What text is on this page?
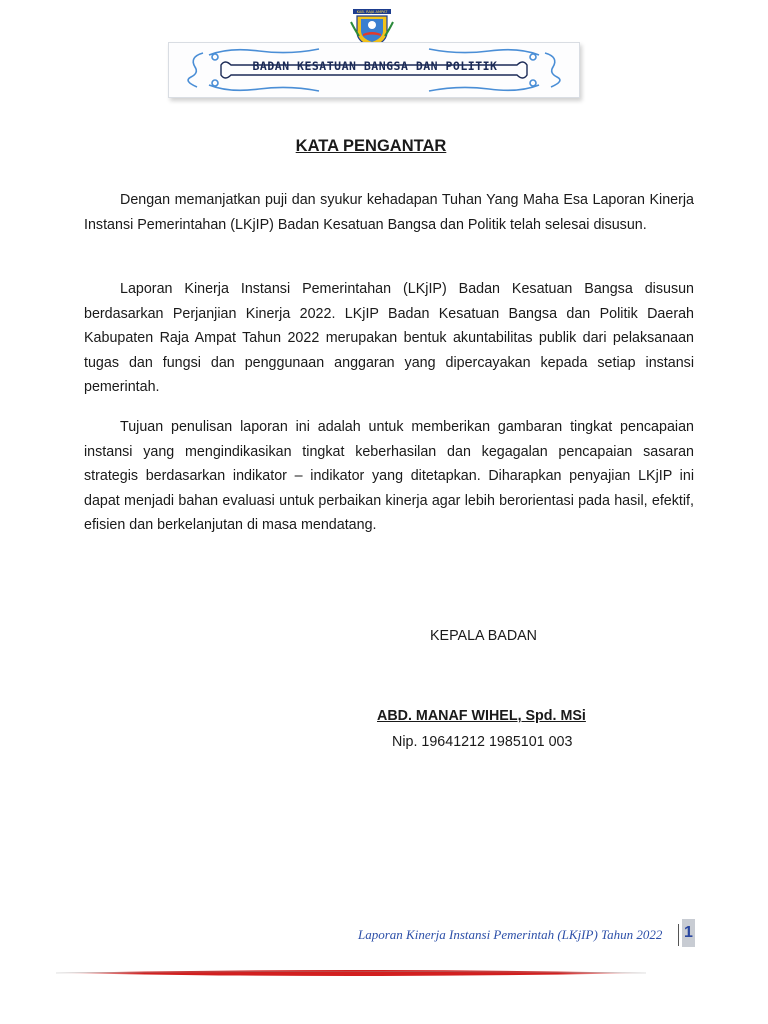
KAB. RAJA AMPAT
BADAN KESATUAN BANGSA DAN POLITIK
KATA PENGANTAR

Dengan memanjatkan puji dan syukur kehadapan Tuhan Yang Maha Esa Laporan Kinerja Instansi Pemerintahan (LKjIP) Badan Kesatuan Bangsa dan Politik telah selesai disusun.

Laporan Kinerja Instansi Pemerintahan (LKjIP) Badan Kesatuan Bangsa disusun berdasarkan Perjanjian Kinerja 2022. LKjIP Badan Kesatuan Bangsa dan Politik Daerah Kabupaten Raja Ampat Tahun 2022 merupakan bentuk akuntabilitas publik dari pelaksanaan tugas dan fungsi dan penggunaan anggaran yang dipercayakan kepada setiap instansi pemerintah.

Tujuan penulisan laporan ini adalah untuk memberikan gambaran tingkat pencapaian instansi yang mengindikasikan tingkat keberhasilan dan kegagalan pencapaian sasaran strategis berdasarkan indikator – indikator yang ditetapkan. Diharapkan penyajian LKjIP ini dapat menjadi bahan evaluasi untuk perbaikan kinerja agar lebih berorientasi pada hasil, efektif, efisien dan berkelanjutan di masa mendatang.

KEPALA BADAN
ABD. MANAF WIHEL, Spd. MSi
Nip. 19641212 1985101 003
Laporan Kinerja Instansi Pemerintah (LKjIP) Tahun 2022	1
